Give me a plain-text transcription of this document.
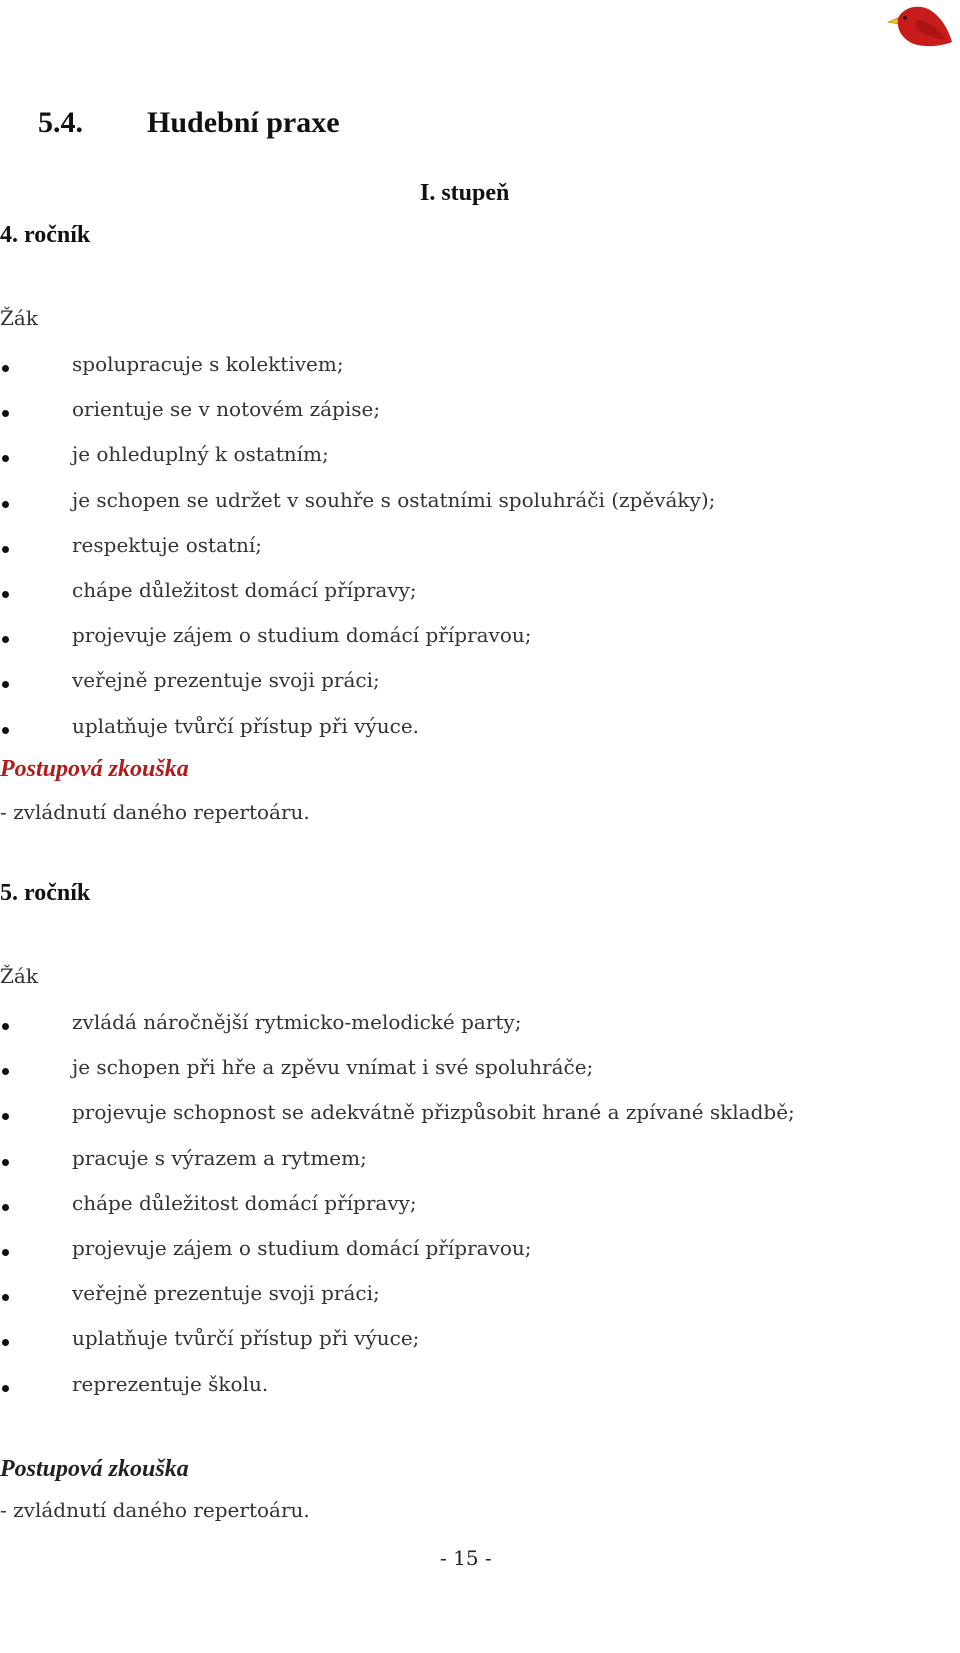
5.4. Hudební praxe
I. stupeň
4. ročník
Žák
spolupracuje s kolektivem;
orientuje se v notovém zápise;
je ohleduplný k ostatním;
je schopen se udržet v souhře s ostatními spoluhráči (zpěváky);
respektuje ostatní;
chápe důležitost domácí přípravy;
projevuje zájem o studium domácí přípravou;
veřejně prezentuje svoji práci;
uplatňuje tvůrčí přístup při výuce.
Postupová zkouška
- zvládnutí daného repertoáru.
5. ročník
Žák
zvládá náročnější rytmicko-melodické party;
je schopen při hře a zpěvu vnímat i své spoluhráče;
projevuje schopnost se adekvátně přizpůsobit hrané a zpívané skladbě;
pracuje s výrazem a rytmem;
chápe důležitost domácí přípravy;
projevuje zájem o studium domácí přípravou;
veřejně prezentuje svoji práci;
uplatňuje tvůrčí přístup při výuce;
reprezentuje školu.
Postupová zkouška
- zvládnutí daného repertoáru.
- 15 -
